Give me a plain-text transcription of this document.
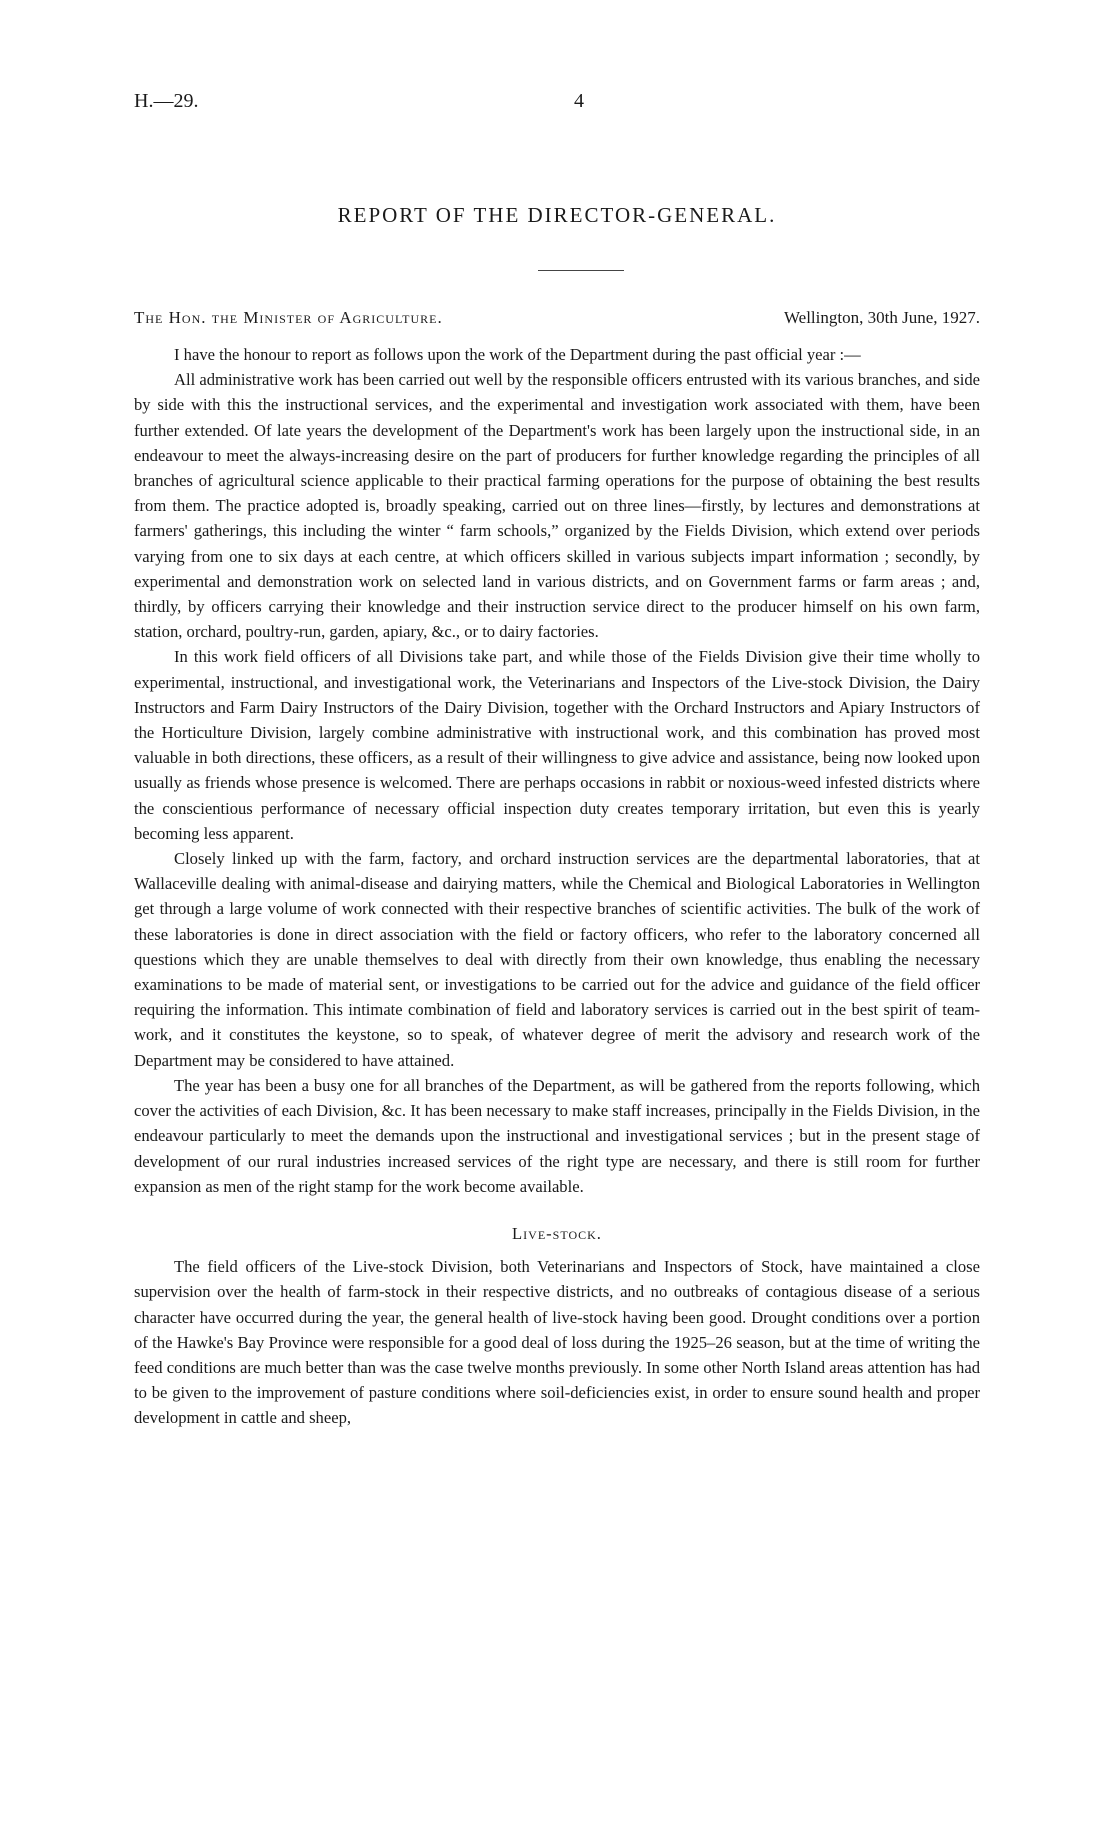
H.—29.	4
REPORT OF THE DIRECTOR-GENERAL.
The Hon. the Minister of Agriculture.	Wellington, 30th June, 1927.

I have the honour to report as follows upon the work of the Department during the past official year :—

All administrative work has been carried out well by the responsible officers entrusted with its various branches, and side by side with this the instructional services, and the experimental and investigation work associated with them, have been further extended. Of late years the development of the Department's work has been largely upon the instructional side, in an endeavour to meet the always-increasing desire on the part of producers for further knowledge regarding the principles of all branches of agricultural science applicable to their practical farming operations for the purpose of obtaining the best results from them. The practice adopted is, broadly speaking, carried out on three lines—firstly, by lectures and demonstrations at farmers' gatherings, this including the winter “ farm schools,” organized by the Fields Division, which extend over periods varying from one to six days at each centre, at which officers skilled in various subjects impart information ; secondly, by experimental and demonstration work on selected land in various districts, and on Government farms or farm areas ; and, thirdly, by officers carrying their knowledge and their instruction service direct to the producer himself on his own farm, station, orchard, poultry-run, garden, apiary, &c., or to dairy factories.

In this work field officers of all Divisions take part, and while those of the Fields Division give their time wholly to experimental, instructional, and investigational work, the Veterinarians and Inspectors of the Live-stock Division, the Dairy Instructors and Farm Dairy Instructors of the Dairy Division, together with the Orchard Instructors and Apiary Instructors of the Horticulture Division, largely combine administrative with instructional work, and this combination has proved most valuable in both directions, these officers, as a result of their willingness to give advice and assistance, being now looked upon usually as friends whose presence is welcomed. There are perhaps occasions in rabbit or noxious-weed infested districts where the conscientious performance of necessary official inspection duty creates temporary irritation, but even this is yearly becoming less apparent.

Closely linked up with the farm, factory, and orchard instruction services are the departmental laboratories, that at Wallaceville dealing with animal-disease and dairying matters, while the Chemical and Biological Laboratories in Wellington get through a large volume of work connected with their respective branches of scientific activities. The bulk of the work of these laboratories is done in direct association with the field or factory officers, who refer to the laboratory concerned all questions which they are unable themselves to deal with directly from their own knowledge, thus enabling the necessary examinations to be made of material sent, or investigations to be carried out for the advice and guidance of the field officer requiring the information. This intimate combination of field and laboratory services is carried out in the best spirit of team-work, and it constitutes the keystone, so to speak, of whatever degree of merit the advisory and research work of the Department may be considered to have attained.

The year has been a busy one for all branches of the Department, as will be gathered from the reports following, which cover the activities of each Division, &c. It has been necessary to make staff increases, principally in the Fields Division, in the endeavour particularly to meet the demands upon the instructional and investigational services ; but in the present stage of development of our rural industries increased services of the right type are necessary, and there is still room for further expansion as men of the right stamp for the work become available.

Live-stock.

The field officers of the Live-stock Division, both Veterinarians and Inspectors of Stock, have maintained a close supervision over the health of farm-stock in their respective districts, and no outbreaks of contagious disease of a serious character have occurred during the year, the general health of live-stock having been good. Drought conditions over a portion of the Hawke's Bay Province were responsible for a good deal of loss during the 1925–26 season, but at the time of writing the feed conditions are much better than was the case twelve months previously. In some other North Island areas attention has had to be given to the improvement of pasture conditions where soil-deficiencies exist, in order to ensure sound health and proper development in cattle and sheep,
